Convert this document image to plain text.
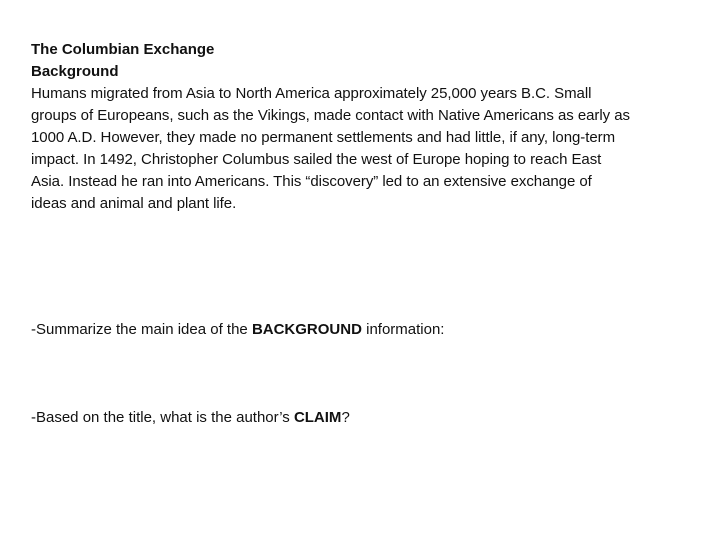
The Columbian Exchange
Background

Humans migrated from Asia to North America approximately 25,000 years B.C. Small groups of Europeans, such as the Vikings, made contact with Native Americans as early as 1000 A.D. However, they made no permanent settlements and had little, if any, long-term impact. In 1492, Christopher Columbus sailed the west of Europe hoping to reach East Asia. Instead he ran into Americans. This “discovery” led to an extensive exchange of ideas and animal and plant life.

-Summarize the main idea of the BACKGROUND information:
-Based on the title, what is the author’s CLAIM?
